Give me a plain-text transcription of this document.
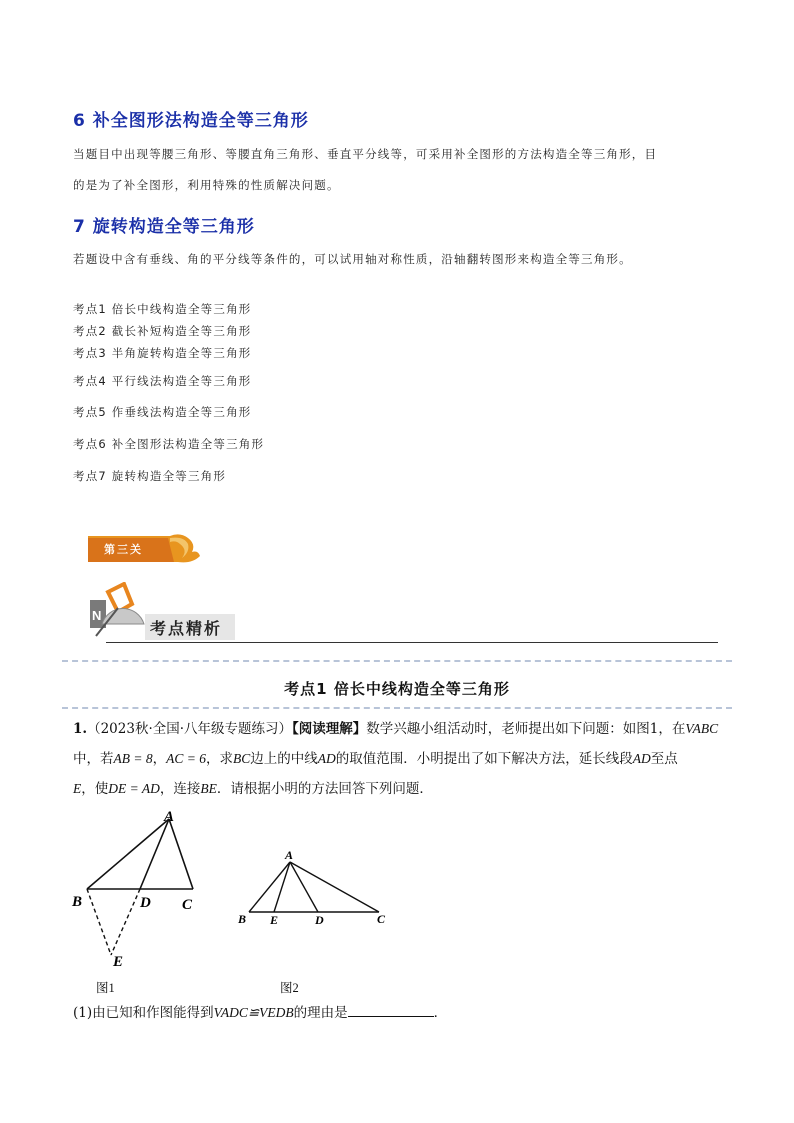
6 补全图形法构造全等三角形
当题目中出现等腰三角形、等腰直角三角形、垂直平分线等，可采用补全图形的方法构造全等三角形，目
的是为了补全图形，利用特殊的性质解决问题。
7 旋转构造全等三角形
若题设中含有垂线、角的平分线等条件的，可以试用轴对称性质，沿轴翻转图形来构造全等三角形。
考点1 倍长中线构造全等三角形
考点2 截长补短构造全等三角形
考点3 半角旋转构造全等三角形
考点4 平行线法构造全等三角形
考点5 作垂线法构造全等三角形
考点6 补全图形法构造全等三角形
考点7 旋转构造全等三角形
第三关
N
考点精析
考点1 倍长中线构造全等三角形
1.（2023秋·全国·八年级专题练习）【阅读理解】数学兴趣小组活动时，老师提出如下问题：如图1，在VABC
中，若AB = 8，AC = 6，求BC边上的中线AD的取值范围．小明提出了如下解决方法，延长线段AD至点
E，使DE = AD，连接BE．请根据小明的方法回答下列问题．
A
B	D C
E
图1
A
B E	D	C
图2
(1)由已知和作图能得到VADC≌VEDB的理由是	．
